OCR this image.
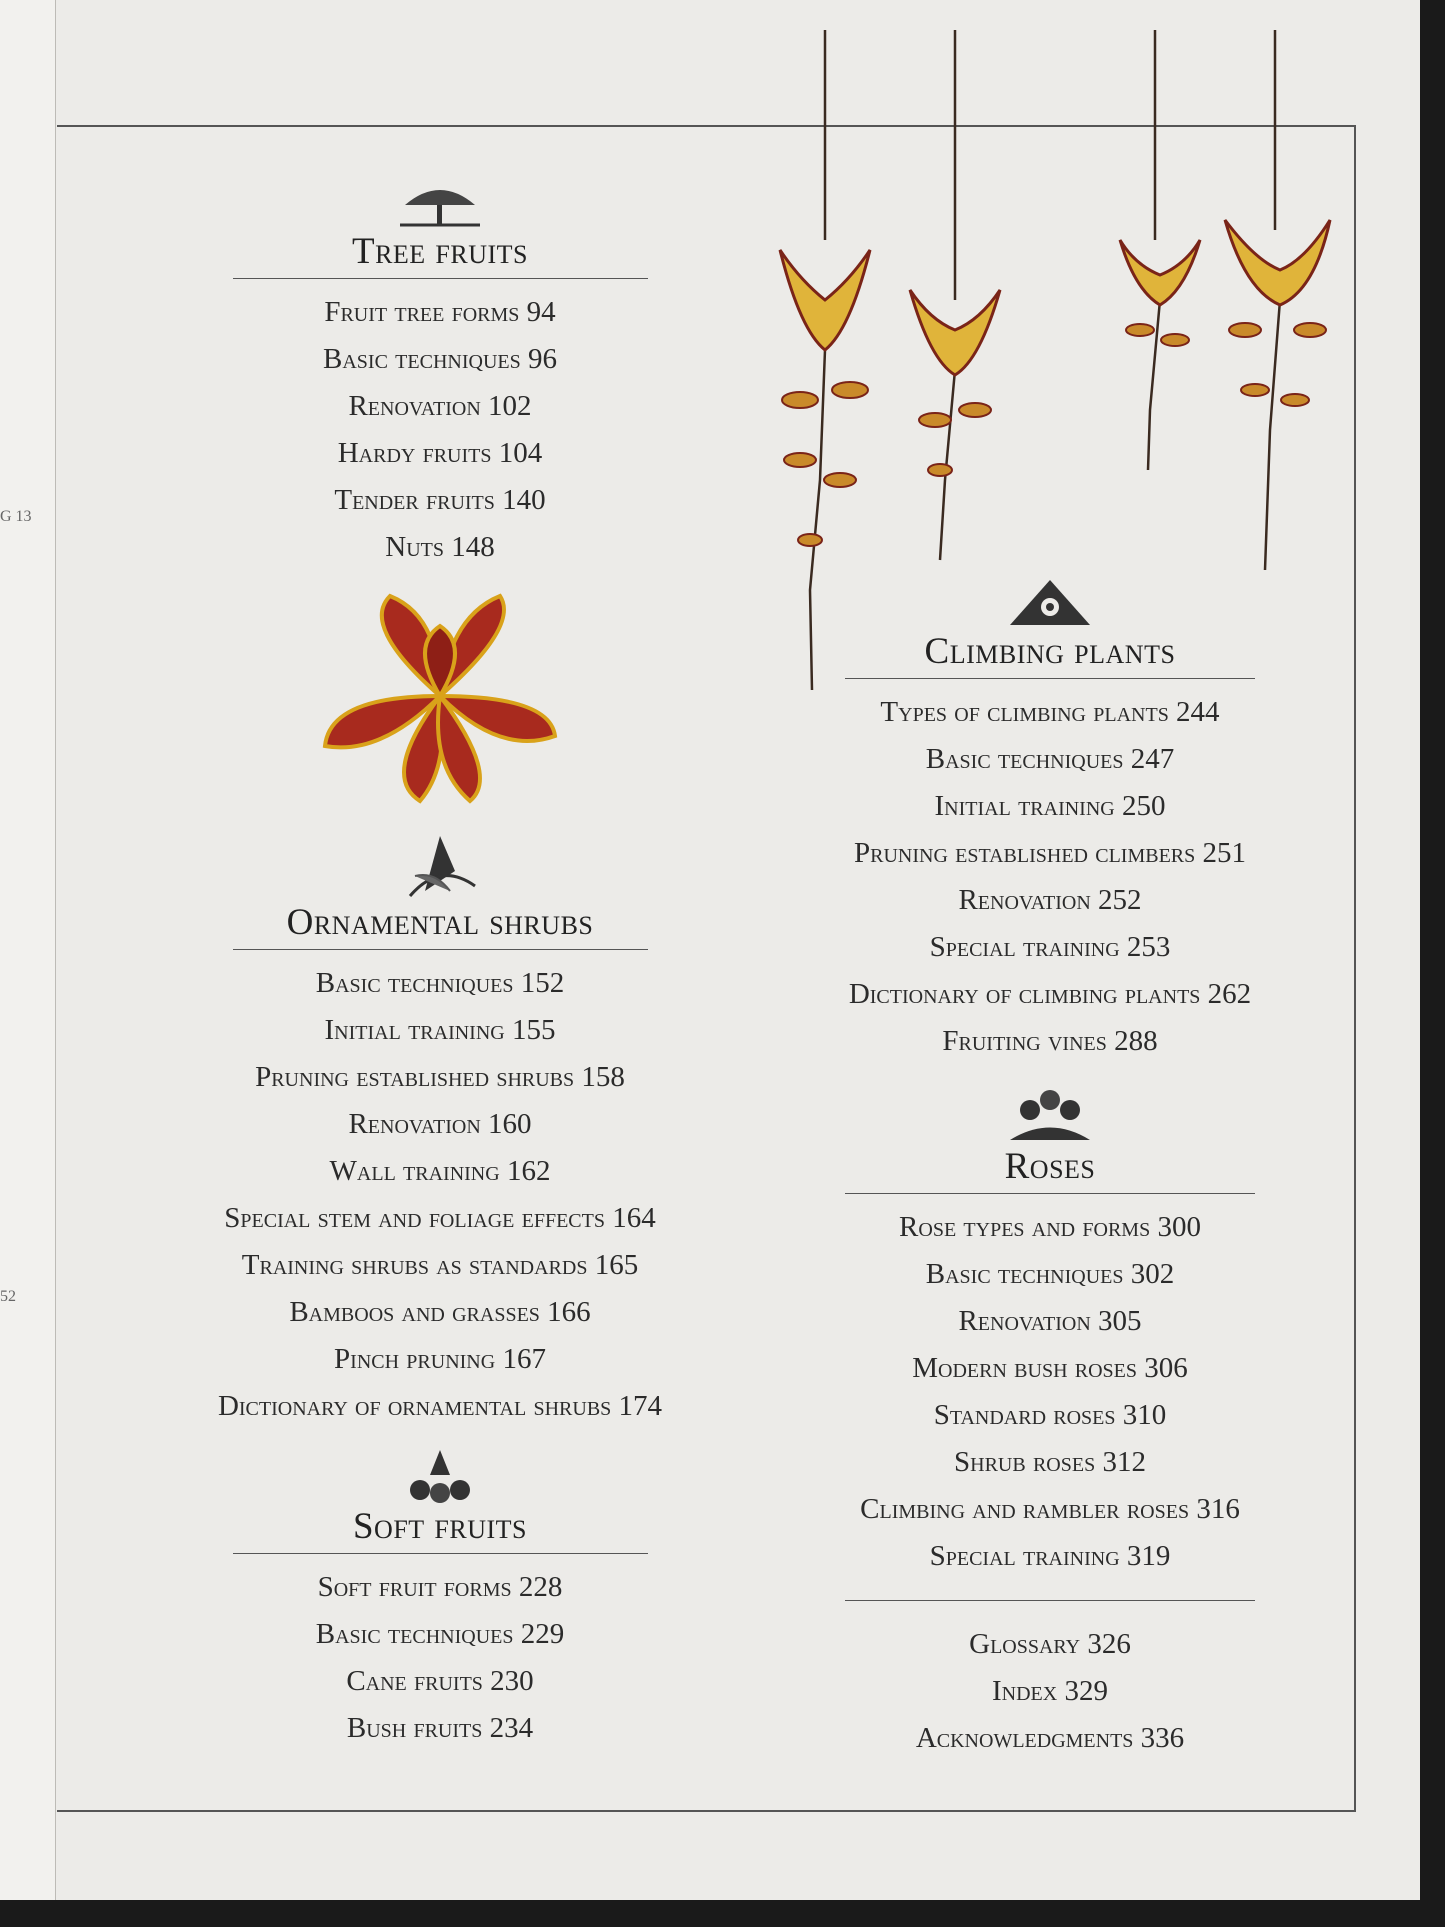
G 13
52
Tree fruits
Fruit tree forms 94
Basic techniques 96
Renovation 102
Hardy fruits 104
Tender fruits 140
Nuts 148
Ornamental shrubs
Basic techniques 152
Initial training 155
Pruning established shrubs 158
Renovation 160
Wall training 162
Special stem and foliage effects 164
Training shrubs as standards 165
Bamboos and grasses 166
Pinch pruning 167
Dictionary of ornamental shrubs 174
Soft fruits
Soft fruit forms 228
Basic techniques 229
Cane fruits 230
Bush fruits 234
Climbing plants
Types of climbing plants 244
Basic techniques 247
Initial training 250
Pruning established climbers 251
Renovation 252
Special training 253
Dictionary of climbing plants 262
Fruiting vines 288
Roses
Rose types and forms 300
Basic techniques 302
Renovation 305
Modern bush roses 306
Standard roses 310
Shrub roses 312
Climbing and rambler roses 316
Special training 319
Glossary 326
Index 329
Acknowledgments 336
